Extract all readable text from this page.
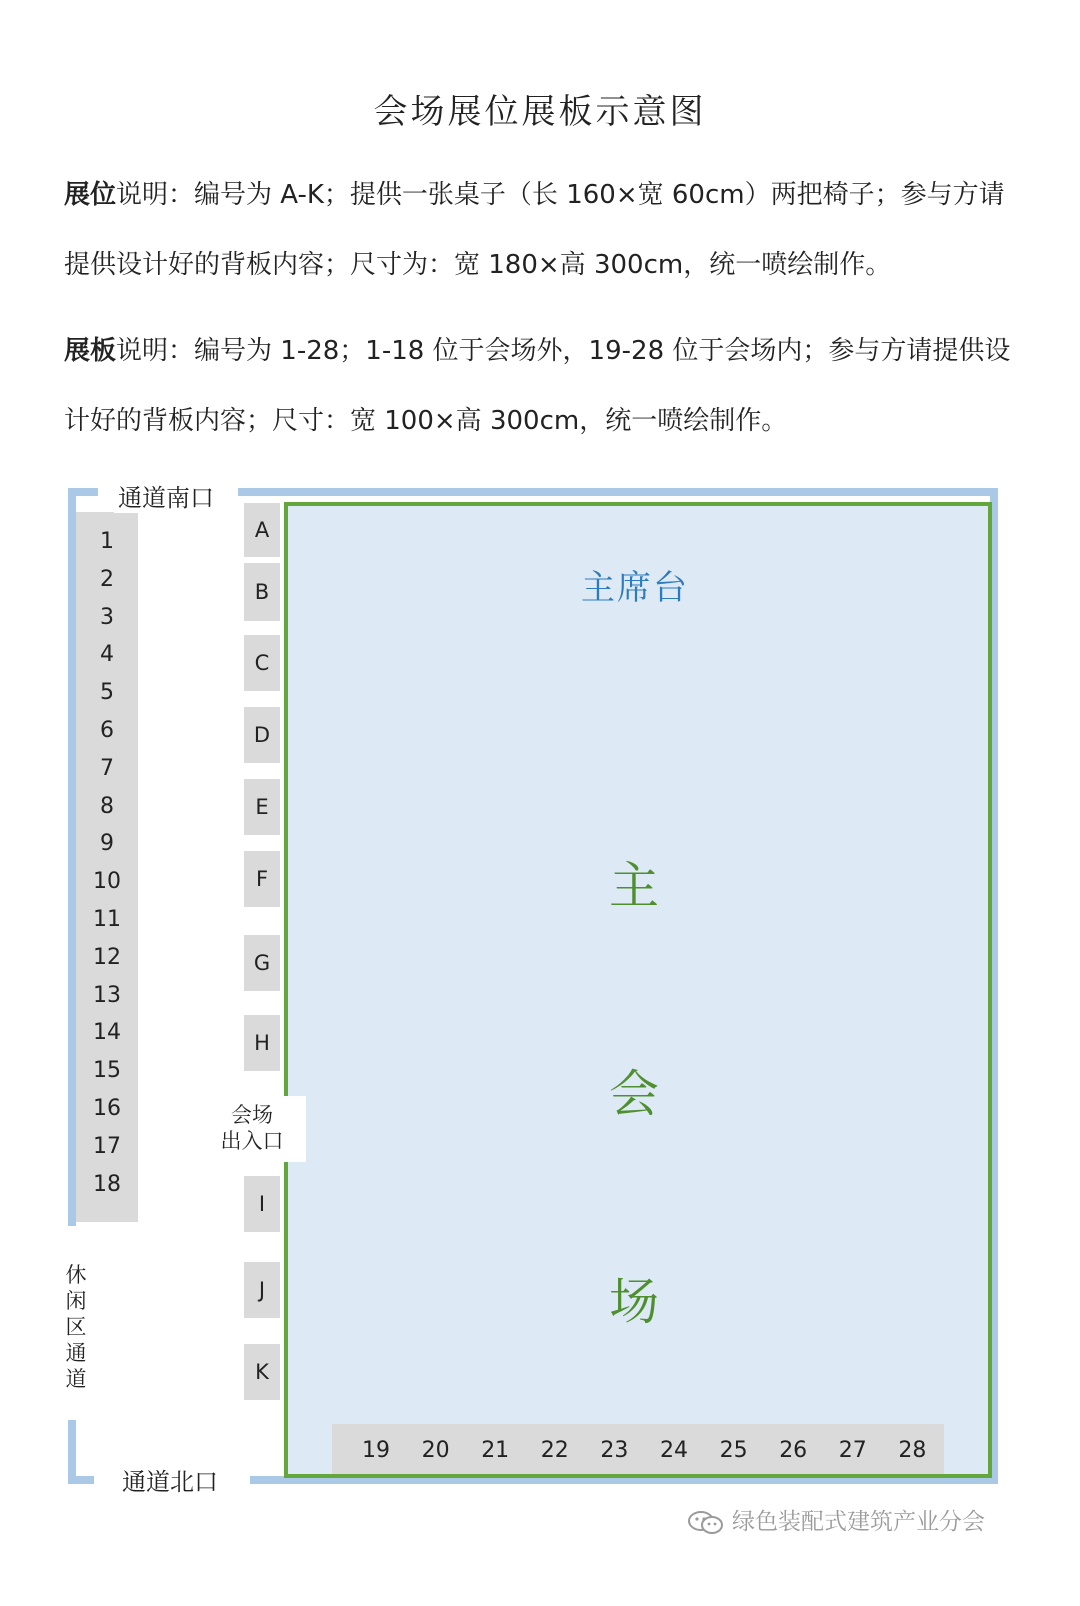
会场展位展板示意图
展位说明：编号为 A-K；提供一张桌子（长 160×宽 60cm）两把椅子；参与方请提供设计好的背板内容；尺寸为：宽 180×高 300cm，统一喷绘制作。
展板说明：编号为 1-28；1-18 位于会场外，19-28 位于会场内；参与方请提供设计好的背板内容；尺寸：宽 100×高 300cm，统一喷绘制作。
1
2
3
4
5
6
7
8
9
10
11
12
13
14
15
16
17
18
A
B
C
D
E
F
G
H
I
J
K
19	20	21	22	23	24	25	26	27	28
通道南口
通道北口
休
闲
区
通
道
会场
出入口
主席台
主
会
场
绿色装配式建筑产业分会
